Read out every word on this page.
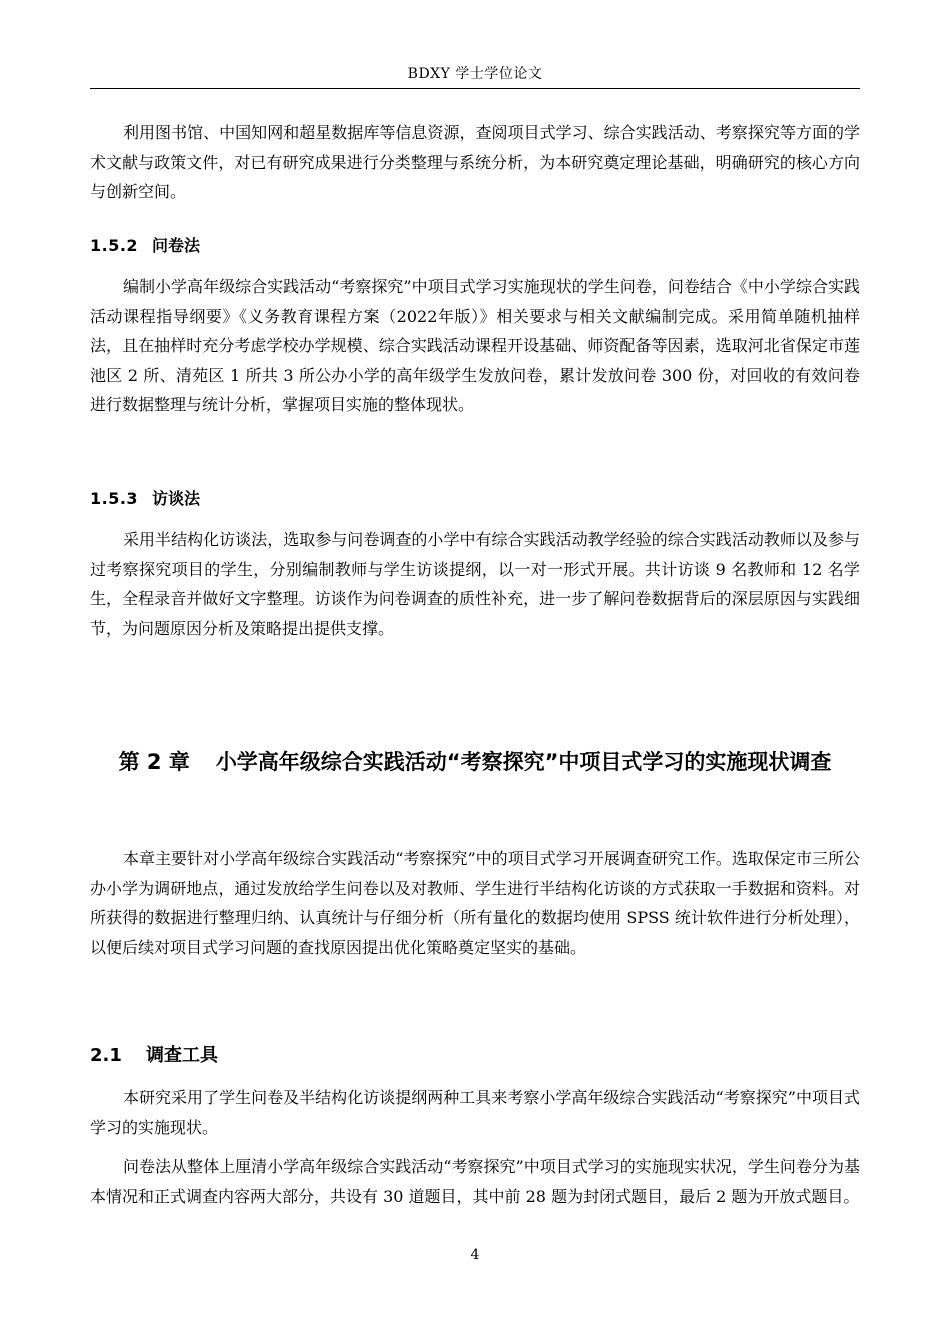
BDXY 学士学位论文

利用图书馆、中国知网和超星数据库等信息资源，查阅项目式学习、综合实践活动、考察探究等方面的学术文献与政策文件，对已有研究成果进行分类整理与系统分析，为本研究奠定理论基础，明确研究的核心方向与创新空间。

1.5.2 问卷法

编制小学高年级综合实践活动“考察探究”中项目式学习实施现状的学生问卷，问卷结合《中小学综合实践活动课程指导纲要》《义务教育课程方案（2022年版）》相关要求与相关文献编制完成。采用简单随机抽样法，且在抽样时充分考虑学校办学规模、综合实践活动课程开设基础、师资配备等因素，选取河北省保定市莲池区 2 所、清苑区 1 所共 3 所公办小学的高年级学生发放问卷，累计发放问卷 300 份，对回收的有效问卷进行数据整理与统计分析，掌握项目实施的整体现状。

1.5.3 访谈法

采用半结构化访谈法，选取参与问卷调查的小学中有综合实践活动教学经验的综合实践活动教师以及参与过考察探究项目的学生，分别编制教师与学生访谈提纲，以一对一形式开展。共计访谈 9 名教师和 12 名学生，全程录音并做好文字整理。访谈作为问卷调查的质性补充，进一步了解问卷数据背后的深层原因与实践细节，为问题原因分析及策略提出提供支撑。

第 2 章 小学高年级综合实践活动“考察探究”中项目式学习的实施现状调查

本章主要针对小学高年级综合实践活动“考察探究”中的项目式学习开展调查研究工作。选取保定市三所公办小学为调研地点，通过发放给学生问卷以及对教师、学生进行半结构化访谈的方式获取一手数据和资料。对所获得的数据进行整理归纳、认真统计与仔细分析（所有量化的数据均使用 SPSS 统计软件进行分析处理），以便后续对项目式学习问题的查找原因提出优化策略奠定坚实的基础。

2.1 调查工具

本研究采用了学生问卷及半结构化访谈提纲两种工具来考察小学高年级综合实践活动“考察探究”中项目式学习的实施现状。

问卷法从整体上厘清小学高年级综合实践活动“考察探究”中项目式学习的实施现实状况，学生问卷分为基本情况和正式调查内容两大部分，共设有 30 道题目，其中前 28 题为封闭式题目，最后 2 题为开放式题目。

4
